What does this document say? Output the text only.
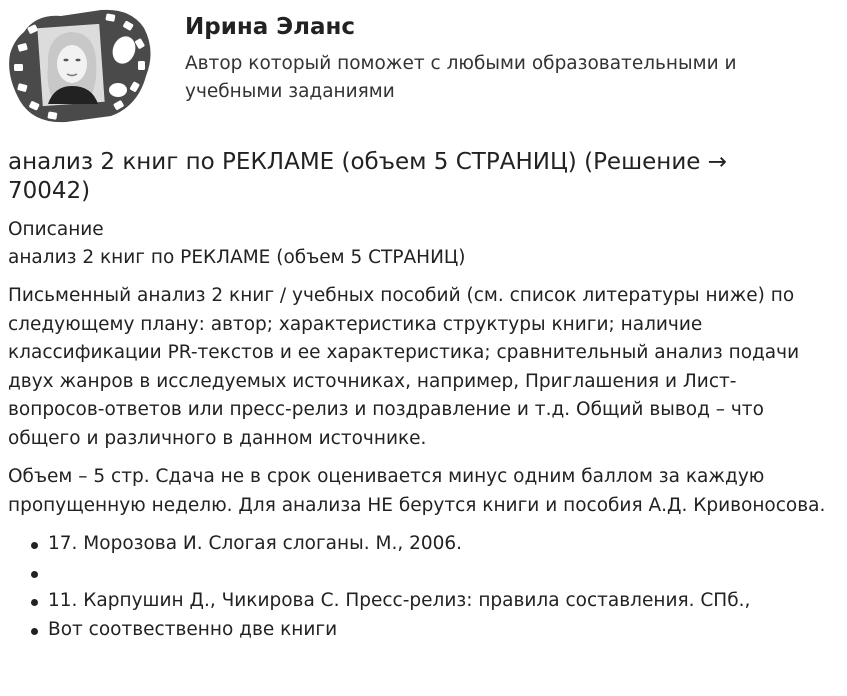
Ирина Эланс
Автор который поможет с любыми образовательными и учебными заданиями
анализ 2 книг по РЕКЛАМЕ (объем 5 СТРАНИЦ) (Решение → 70042)
Описание
анализ 2 книг по РЕКЛАМЕ (объем 5 СТРАНИЦ)

Письменный анализ 2 книг / учебных пособий (см. список литературы ниже) по следующему плану: автор; характеристика структуры книги; наличие классификации PR-текстов и ее характеристика; сравнительный анализ подачи двух жанров в исследуемых источниках, например, Приглашения и Лист-вопросов-ответов или пресс-релиз и поздравление и т.д. Общий вывод – что общего и различного в данном источнике.

Объем – 5 стр. Сдача не в срок оценивается минус одним баллом за каждую пропущенную неделю. Для анализа НЕ берутся книги и пособия А.Д. Кривоносова.

17. Морозова И. Слогая слоганы. М., 2006.
11. Карпушин Д., Чикирова С. Пресс-релиз: правила составления. СПб.,
Вот соотвественно две книги
